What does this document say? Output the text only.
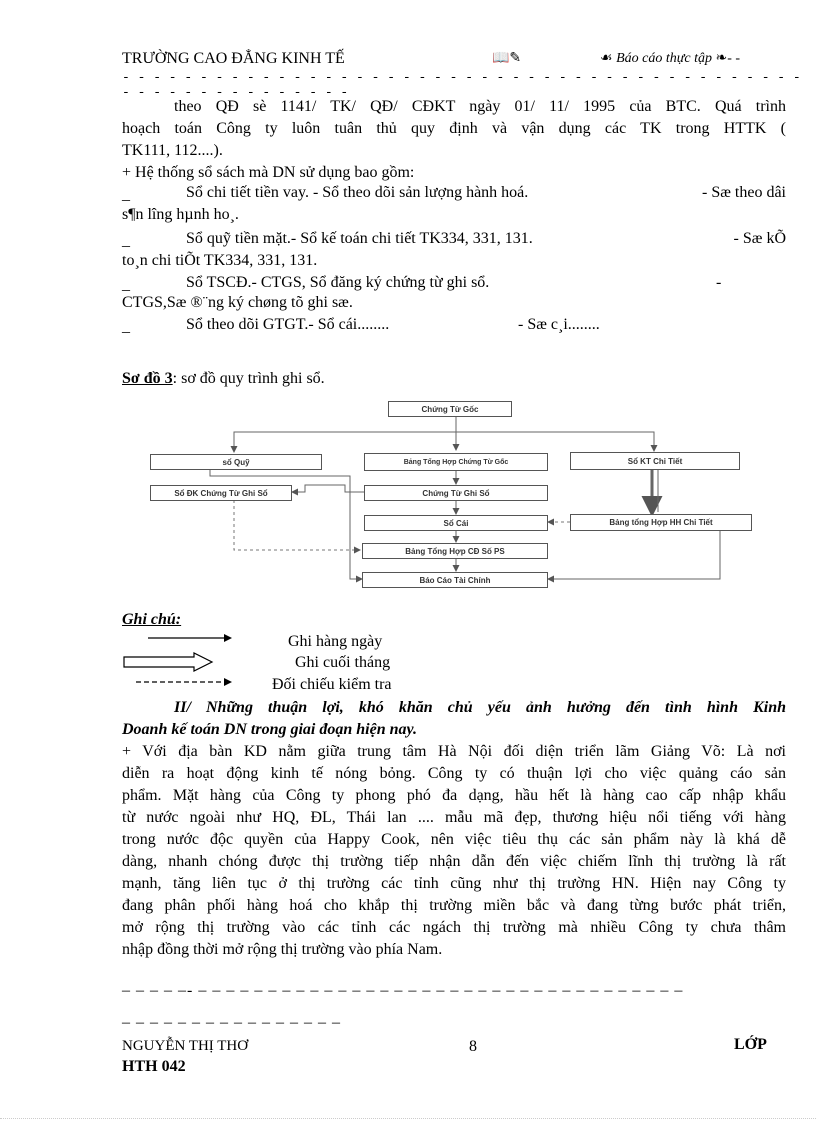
TRƯỜNG CAO ĐẲNG KINH TẾ	📖✎	☙ Báo cáo thực tập ❧- -
- - - - - - - - - - - - - - - - - - - - - - - - - - - - - - - - - - - - - - - - - - - - - - - - - - - - - - - - - - -
theo QĐ sè 1141/ TK/ QĐ/ CĐKT ngày 01/ 11/ 1995 của BTC. Quá trình
hoạch toán Công ty luôn tuân thủ quy định và vận dụng các TK trong HTTK (
TK111, 112....).
+ Hệ thống sổ sách mà DN sử dụng bao gồm:
_	Sổ chi tiết tiền vay. - Sổ theo dõi sản lượng hành hoá.	- Sæ theo dâi
s¶n lîng hµnh ho¸.
_	Sổ quỹ tiền mặt.- Sổ kế toán chi tiết TK334, 331, 131.	- Sæ kÕ
to¸n chi tiÕt TK334, 331, 131.
_	Sổ TSCĐ.- CTGS, Sổ đăng ký chứng từ ghi sổ.	-
CTGS,Sæ ®¨ng ký chøng tõ ghi sæ.
_	Sổ theo dõi GTGT.- Sổ cái........	- Sæ c¸i........
Sơ đồ 3: sơ đồ quy trình ghi sổ.
Chứng Từ Gốc
sổ Quỹ	Bảng Tổng Hợp Chứng Từ Gốc	Sổ KT Chi Tiết
Sổ ĐK Chứng Từ Ghi Sổ	Chứng Từ Ghi Sổ
Sổ Cái	Bảng tổng Hợp HH Chi Tiết
Bảng Tổng Hợp CĐ Số PS
Báo Cáo Tài Chính
Ghi chú:
Ghi hàng ngày
Ghi cuối tháng
Đối chiếu kiểm tra
II/ Những thuận lợi, khó khăn chủ yếu ảnh hưởng đến tình hình Kinh
Doanh kế toán DN trong giai đoạn hiện nay.
+ Với địa bàn KD nằm giữa trung tâm Hà Nội đối diện triển lãm Giảng Võ: Là nơi
diễn ra hoạt động kinh tế nóng bỏng. Công ty có thuận lợi cho việc quảng cáo sản
phẩm. Mặt hàng của Công ty phong phó đa dạng, hầu hết là hàng cao cấp nhập khẩu
từ nước ngoài như HQ, ĐL, Thái lan .... mẫu mã đẹp, thương hiệu nổi tiếng với hàng
trong nước độc quyền của Happy Cook, nên việc tiêu thụ các sản phẩm này là khá dễ
dàng, nhanh chóng được thị trường tiếp nhận dẫn đến việc chiếm lĩnh thị trường là rất
mạnh, tăng liên tục ở thị trường các tỉnh cũng như thị trường HN. Hiện nay Công ty
đang phân phối hàng hoá cho khắp thị trường miền bắc và đang từng bước phát triển,
mở rộng thị trường vào các tỉnh các ngách thị trường mà nhiều Công ty chưa thâm
nhập đồng thời mở rộng thị trường vào phía Nam.
– – – – –- – – – – – – – – – – – – – – – – – – – – – – – – – – – – – – – – – – –
– – – – – – – – – – – – – – – –
NGUYỄN THỊ THƠ	8	LỚP
HTH 042
